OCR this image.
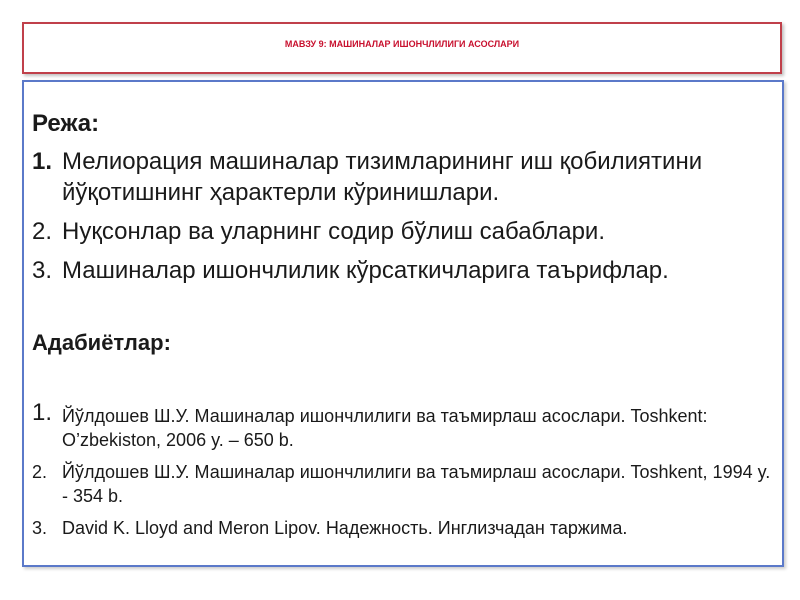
МАВЗУ 9: МАШИНАЛАР ИШОНЧЛИЛИГИ АСОСЛАРИ
Режа:
1. Мелиорация машиналар тизимларининг иш қобилиятини йўқотишнинг ҳарактерли кўринишлари.
2. Нуқсонлар ва уларнинг содир бўлиш сабаблари.
3. Машиналар ишончлилик кўрсаткичларига таърифлар.
Адабиётлар:
1. Йўлдошев Ш.У. Машиналар ишончлилиги ва таъмирлаш асослари. Toshkent: O’zbekiston, 2006 y. – 650 b.
2. Йўлдошев Ш.У. Машиналар ишончлилиги ва таъмирлаш асослари. Toshkent, 1994 y. - 354 b.
3. David K. Lloyd and Meron Lipov. Надежность. Инглизчадан таржима.
